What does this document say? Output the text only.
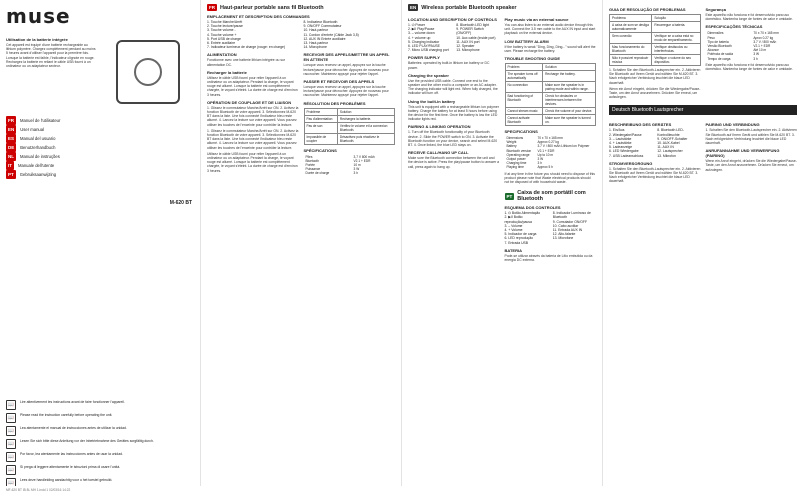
muse
Utilisation de la batterie intégrée

Cet appareil est équipé d'une batterie rechargeable au lithium polymère. Chargez complètement pendant au moins 5 heures avant d'utiliser l'appareil pour la première fois. Lorsque la batterie est faible, l'indicateur clignote en rouge. Rechargez la batterie en reliant le câble USB fourni à un ordinateur ou un adaptateur secteur.

FR	Manuel de l'utilisateur
EN	User manual
ES	Manual del usuario
DE	Benutzerhandbuch
NL	Manual de instruções
IT	Manuale dell'utente
PT	Gebruiksaanwijzing
M-620 BT
📖	Lire attentivement les instructions avant de faire fonctionner l'appareil.
📖	Please read the instruction carefully before operating the unit.
📖	Lea atentamente el manual de instrucciones antes de utilizar la unidad.
📖	Lesen Sie sich bitte diese Anleitung vor der Inbetriebnahme des Gerätes sorgfältig durch.
📖	Por favor, lea atentamente las instrucciones antes de usar la unidad.
📖	Si prega di leggere attentamente le istruzioni prima di usare l'unità.
📖	Lees deze handleiding aandachtig voor u het toestel gebruikt.
FR Haut-parleur portable sans fil Bluetooth
EMPLACEMENT ET DESCRIPTION DES COMMANDES
1. Touche Marche/Arrêt
2. Touche lecture/pause
3. Touche volume -
4. Touche volume +
5. Port USB de charge
6. Entrée auxiliaire
7. Indicateur lumineux de charge (rouge: en charge)
8. Indicateur Bluetooth
9. ON/OFF Commutateur
10. Haut-parleur
11. Cordon d'entrée (Câble Jack 3,5)
12. AUX IN Entrée auxiliaire
13. Haut-parleur
14. Microphone
ALIMENTATION

Fonctionne avec une batterie lithium intégrée ou sur alimentation DC.

Recharger la batterie

Utilisez le câble USB fourni pour relier l'appareil à un ordinateur ou un adaptateur. Pendant la charge, le voyant rouge est allumé. Lorsque la batterie est complètement chargée, le voyant s'éteint. La durée de charge est d'environ 3 heures.

OPÉRATION DE COUPLAGE ET DE LIAISON

1. Glissez le commutateur Marche/Arrêt sur ON. 2. Activez la fonction Bluetooth de votre appareil. 3. Sélectionnez M-620 BT dans la liste. Une fois connecté l'indicateur bleu reste allumé. 4. Lancez la lecture sur votre appareil. Vous pouvez utiliser les touches de l'enceinte pour contrôler la lecture.

1. Glissez le commutateur Marche/Arrêt sur ON. 2. Activez la fonction Bluetooth de votre appareil. 3. Sélectionnez M-620 BT dans la liste. Une fois connecté l'indicateur bleu reste allumé. 4. Lancez la lecture sur votre appareil. Vous pouvez utiliser les touches de l'enceinte pour contrôler la lecture.

Utilisez le câble USB fourni pour relier l'appareil à un ordinateur ou un adaptateur. Pendant la charge, le voyant rouge est allumé. Lorsque la batterie est complètement chargée, le voyant s'éteint. La durée de charge est d'environ 3 heures.

RECEVOIR DES APPELS/METTRE UN APPEL EN ATTENTE

Lorsque vous recevez un appel, appuyez sur la touche lecture/pause pour décrocher. Appuyez de nouveau pour raccrocher. Maintenez appuyé pour rejeter l'appel.

PASSER ET RECEVOIR DES APPELS

Lorsque vous recevez un appel, appuyez sur la touche lecture/pause pour décrocher. Appuyez de nouveau pour raccrocher. Maintenez appuyé pour rejeter l'appel.

RÉSOLUTION DES PROBLÈMES
Problème	Solution
Pas d'alimentation	Rechargez la batterie.
Pas de son	Vérifiez le volume et la connexion Bluetooth.
Impossible de coupler	Désactivez puis réactivez le Bluetooth.
SPÉCIFICATIONS
Piles	3,7 V 800 mAh
Bluetooth	V2.1 + EDR
Portée	10 m
Puissance	3 W
Durée de charge	3 h
EN Wireless portable Bluetooth speaker
LOCATION AND DESCRIPTION OF CONTROLS
1. ⏻ Power
2. ▶II Play/Pause
3. – volume down
4. + volume up
5. Charging indicator
6. LED PLAY/PAUSE
7. Micro USB charging port
8. Bluetooth LED light
9. POWER Switch (ON/OFF)
10. Aux cable (inside port)
11. AUX IN port
12. Speaker
13. Microphone
POWER SUPPLY

Batteries: operated by built-in lithium ion battery or DC power.

Charging the speaker

Use the provided USB cable. Connect one end to the speaker and the other end to a computer or an AC adapter. The charging indicator will light red. When fully charged, the indicator will turn off.

Using the built-in battery

This unit is equipped with a rechargeable lithium ion polymer battery. Charge the battery for at least 5 hours before using the device for the first time. Once the battery is low the LED indicator lights red.

PAIRING & LINKING OPERATION

1. Turn off the Bluetooth functionality of your Bluetooth device. 2. Slide the POWER switch to ON. 3. Activate the Bluetooth function on your device, search and select M-620 BT. 4. Once linked, the blue LED stays on.

RECEIVE CALL/HANG UP CALL

Make sure the Bluetooth connection between the unit and the device is active. Press the play/pause button to answer a call, press again to hang up.

Play music via an external source

You can also listen to an external audio device through this unit. Connect the 3.5 mm cable to the AUX IN input and start playback on the external device.

LOW BATTERY ALARM

If the battery is weak "Ding, Ding, Ding..." sound will alert the user. Please recharge the battery.

TROUBLE SHOOTING GUIDE
Problem	Solution
The speaker turns off automatically	Recharge the battery.
No connection	Make sure the speaker is in pairing mode and within range.
Bad functioning of Bluetooth	Check for obstacles or interferences between the devices.
Cannot stream music	Check the volume of your device.
Cannot activate Bluetooth	Make sure the speaker is turned on.
SPECIFICATIONS
Dimensions	70 x 70 x 165 mm
Weight	Approx 0.27 kg
Battery	3.7 V / 800 mAh Lithium Ion Polymer
Bluetooth version	V2.1 + EDR
Operating range	Up to 10 m
Output power	3 W
Charging time	3 h
Playing time	Approx 5 h

If at any time in the future you should need to dispose of this product please note that Waste electrical products should not be disposed of with household waste.

PT Caixa de som portátil com Bluetooth
ESQUEMA DOS CONTROLES
1. ⏻ Botão Alimentação
2. ▶II Botão reprodução/pausa
3. – Volume
4. + Volume
5. Indicador de carga
6. LED reprodução
7. Entrada USB
8. Indicador Luminoso de Bluetooth
9. Comutador ON/OFF
10. Cabo auxiliar
11. Entrada AUX IN
12. Alto-falante
13. Microfone
BATERIA

Pode-se utilizar através da bateria de Lítio embutida ou da energia DC externa.

GUIA DE RESOLUÇÃO DE PROBLEMAS
Problema	Solução
A caixa de som se desliga automaticamente	Recarregue a bateria.
Sem conexão	Verifique se a caixa está no modo de emparelhamento.
Mau funcionamento do Bluetooth	Verifique obstáculos ou interferências.
Não é possível reproduzir música	Verifique o volume do seu dispositivo.

1. Schalten Sie den Bluetooth-Lautsprecher ein. 2. Aktivieren Sie Bluetooth auf Ihrem Gerät und wählen Sie M-620 BT. 3. Nach erfolgreicher Verbindung leuchtet die blaue LED dauerhaft.

Wenn ein Anruf eingeht, drücken Sie die Wiedergabe/Pause-Taste, um den Anruf anzunehmen. Drücken Sie erneut, um aufzulegen.

Segurança

Este aparelho não funciona e foi desenvolvido para uso doméstico. Mantenha longe de fontes de calor e umidade.

ESPECIFICAÇÕES TÉCNICAS
Dimensões	70 x 70 x 165 mm
Peso	Aprox 0.27 kg
Tipo de bateria	3.7 V / 800 mAh
Versão Bluetooth	V2.1 + EDR
Alcance	Até 10 m
Potência de saída	3 W
Tempo de carga	3 h

Este aparelho não funciona e foi desenvolvido para uso doméstico. Mantenha longe de fontes de calor e umidade.

Deutsch Bluetooth Lautsprecher
BESCHREIBUNG DES GERÄTES
1. Ein/Aus
2. Wiedergabe/Pause
3. – Lautstärke
4. + Lautstärke
5. Ladeanzeige
6. LED Wiedergabe
7. USB Ladeanschluss
8. Bluetooth LED-Kontrollleuchte
9. ON/OFF-Schalter
10. AUX-Kabel
11. AUX IN
12. Lautsprecher
13. Mikrofon
STROMVERSORGUNG

1. Schalten Sie den Bluetooth-Lautsprecher ein. 2. Aktivieren Sie Bluetooth auf Ihrem Gerät und wählen Sie M-620 BT. 3. Nach erfolgreicher Verbindung leuchtet die blaue LED dauerhaft.

PAIRING UND VERBINDUNG

1. Schalten Sie den Bluetooth-Lautsprecher ein. 2. Aktivieren Sie Bluetooth auf Ihrem Gerät und wählen Sie M-620 BT. 3. Nach erfolgreicher Verbindung leuchtet die blaue LED dauerhaft.

ANRUFANNAHME UND VERWERFUNG (PAIRING)

Wenn ein Anruf eingeht, drücken Sie die Wiedergabe/Pause-Taste, um den Anruf anzunehmen. Drücken Sie erneut, um aufzulegen.

MF-620 BT IB 8L MH 1.indd 1 02/03/16 14:22
